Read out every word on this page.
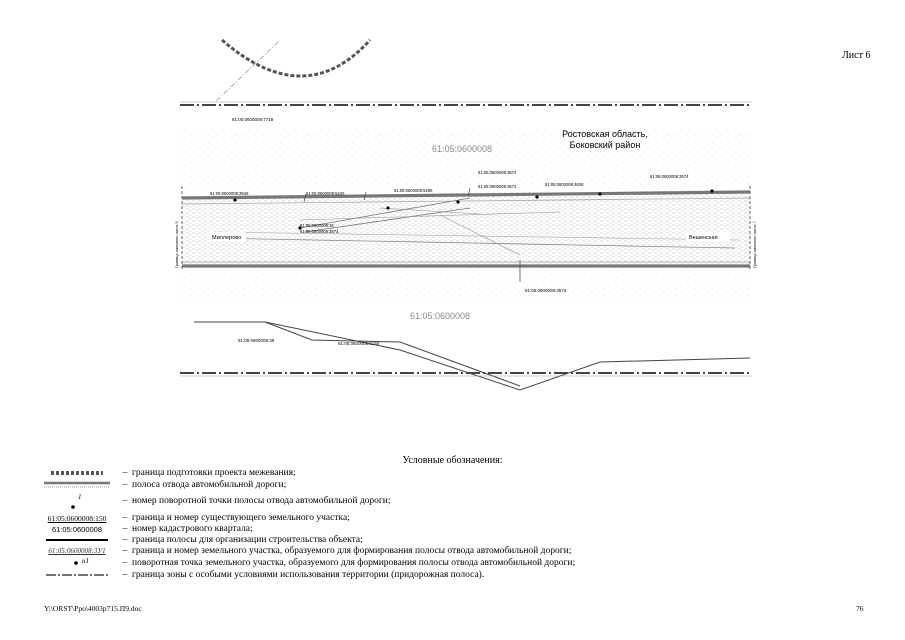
Лист 6
Ростовская область,
Боковский район
61:05:0600008
61:05:0600008
61:05:0600008:7718
61:05:0600008:3948	61:05:0600008:5425
61:05:0600008:5495
61:05:0600008:3574
61:05:0600008:3574	61:05:0600008:4628
61:05:0600008:3574
61:05:0600008:16
61:05:0600008:3574
61:05:0600008:3574
61:05:0600008:39
61:05:0600008:3150
Миллерово	Вешенская
Граница смежного листа 5	Граница смежного листа 7
Условные обозначения:
– граница подготовки проекта межевания;
– полоса отвода автомобильной дороги;
1	– номер поворотной точки полосы отвода автомобильной дороги;
61:05:0600008:150	– граница и номер существующего земельного участка;
61:05:0600008	– номер кадастрового квартала;
– граница полосы для организации строительства объекта;
61:05:0600008:3У1	– граница и номер земельного участка, образуемого для формирования полосы отвода автомобильной дороги;
н1	– поворотная точка земельного участка, образуемого для формирования полосы отвода автомобильной дороги;
– граница зоны с особыми условиями использования территории (придорожная полоса).
Y:\ORST\Ppo\4003p715.П9.doc	76
